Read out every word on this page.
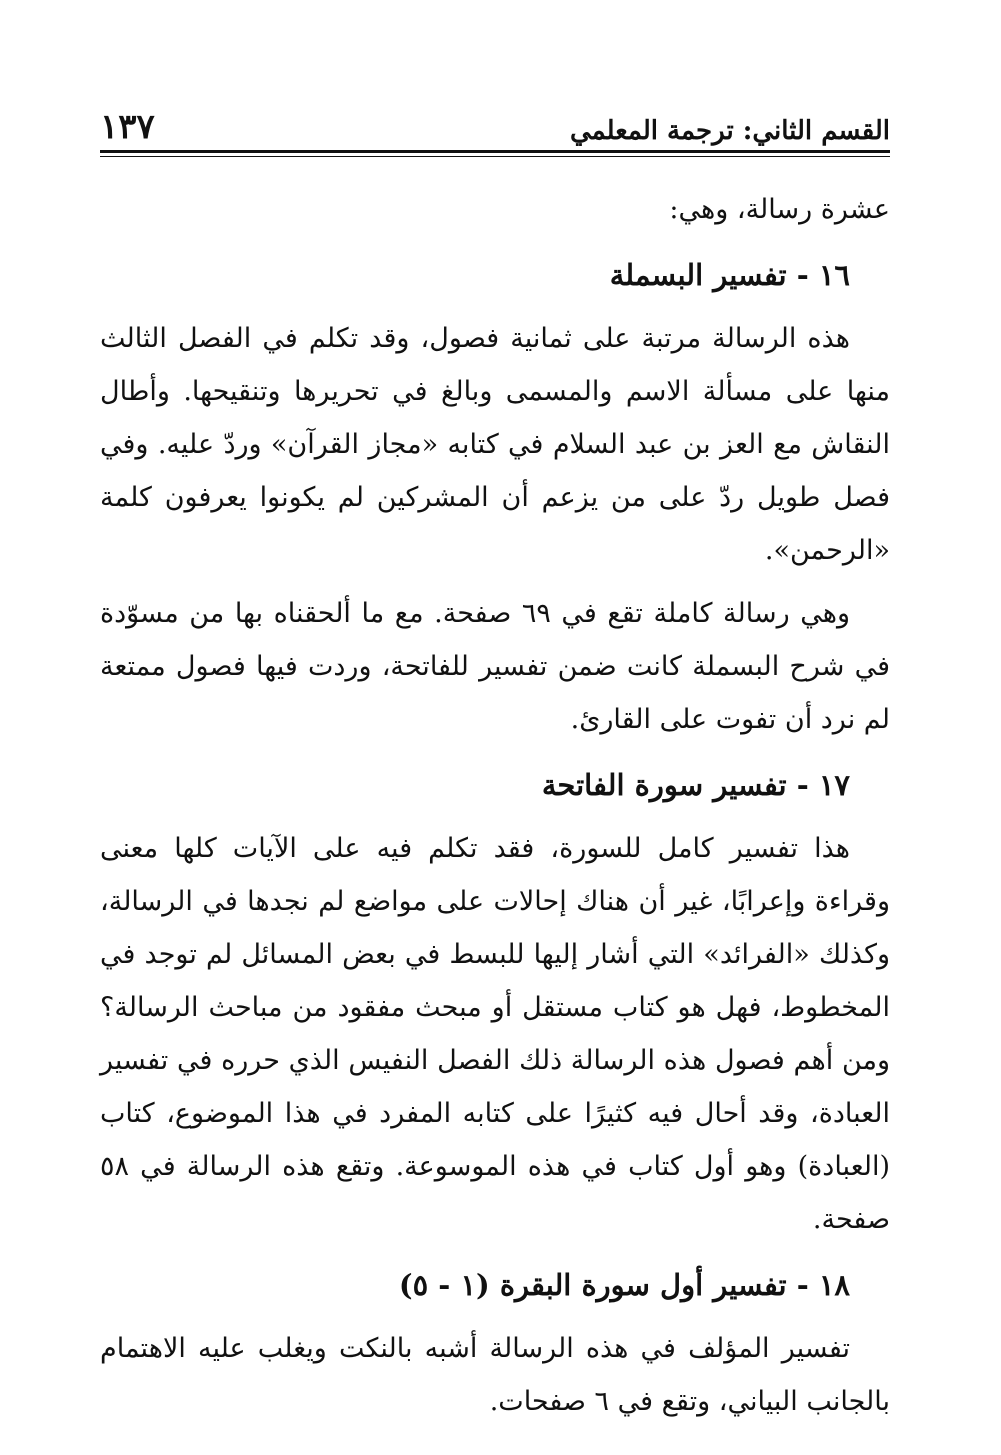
القسم الثاني: ترجمة المعلمي
١٣٧

عشرة رسالة، وهي:

١٦ - تفسير البسملة

هذه الرسالة مرتبة على ثمانية فصول، وقد تكلم في الفصل الثالث منها على مسألة الاسم والمسمى وبالغ في تحريرها وتنقيحها. وأطال النقاش مع العز بن عبد السلام في كتابه «مجاز القرآن» وردّ عليه. وفي فصل طويل ردّ على من يزعم أن المشركين لم يكونوا يعرفون كلمة «الرحمن».

وهي رسالة كاملة تقع في ٦٩ صفحة. مع ما ألحقناه بها من مسوّدة في شرح البسملة كانت ضمن تفسير للفاتحة، وردت فيها فصول ممتعة لم نرد أن تفوت على القارئ.

١٧ - تفسير سورة الفاتحة

هذا تفسير كامل للسورة، فقد تكلم فيه على الآيات كلها معنى وقراءة وإعرابًا، غير أن هناك إحالات على مواضع لم نجدها في الرسالة، وكذلك «الفرائد» التي أشار إليها للبسط في بعض المسائل لم توجد في المخطوط، فهل هو كتاب مستقل أو مبحث مفقود من مباحث الرسالة؟ ومن أهم فصول هذه الرسالة ذلك الفصل النفيس الذي حرره في تفسير العبادة، وقد أحال فيه كثيرًا على كتابه المفرد في هذا الموضوع، كتاب (العبادة) وهو أول كتاب في هذه الموسوعة. وتقع هذه الرسالة في ٥٨ صفحة.

١٨ - تفسير أول سورة البقرة (١ - ٥)

تفسير المؤلف في هذه الرسالة أشبه بالنكت ويغلب عليه الاهتمام بالجانب البياني، وتقع في ٦ صفحات.
